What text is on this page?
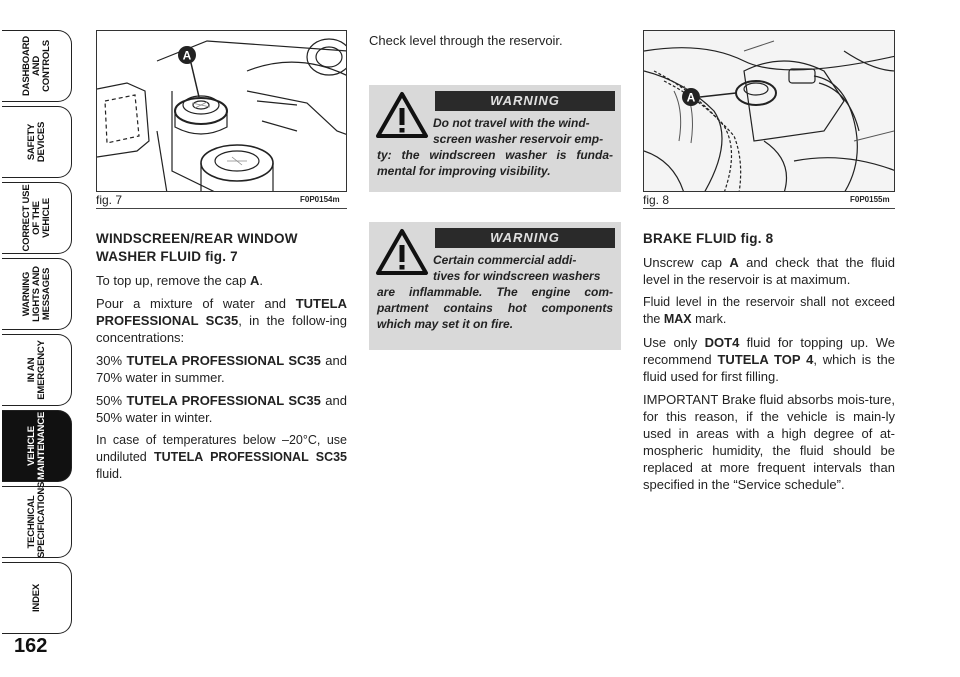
DASHBOARD
AND CONTROLS
SAFETY
DEVICES
CORRECT USE
OF THE VEHICLE
WARNING
LIGHTS AND
MESSAGES
IN AN
EMERGENCY
VEHICLE
MAINTENANCE
TECHNICAL
SPECIFICATIONS
INDEX
162
A
fig. 7	F0P0154m
A
fig. 8	F0P0155m
WINDSCREEN/REAR WINDOW
WASHER FLUID fig. 7

To top up, remove the cap A.

Pour a mixture of water and TUTELA PROFESSIONAL SC35, in the follow-ing concentrations:

30% TUTELA PROFESSIONAL SC35 and 70% water in summer.

50% TUTELA PROFESSIONAL SC35 and 50% water in winter.

In case of temperatures below –20°C, use undiluted TUTELA PROFESSIONAL SC35 fluid.

Check level through the reservoir.
WARNING
Do not travel with the wind-
screen washer reservoir emp-
ty: the windscreen washer is funda-mental for improving visibility.
WARNING
Certain commercial addi-
tives for windscreen washers
are inflammable. The engine com-partment contains hot components which may set it on fire.
BRAKE FLUID fig. 8

Unscrew cap A and check that the fluid level in the reservoir is at maximum.

Fluid level in the reservoir shall not exceed the MAX mark.

Use only DOT4 fluid for topping up. We recommend TUTELA TOP 4, which is the fluid used for first filling.

IMPORTANT Brake fluid absorbs mois-ture, for this reason, if the vehicle is main-ly used in areas with a high degree of at-mospheric humidity, the fluid should be replaced at more frequent intervals than specified in the “Service schedule”.
